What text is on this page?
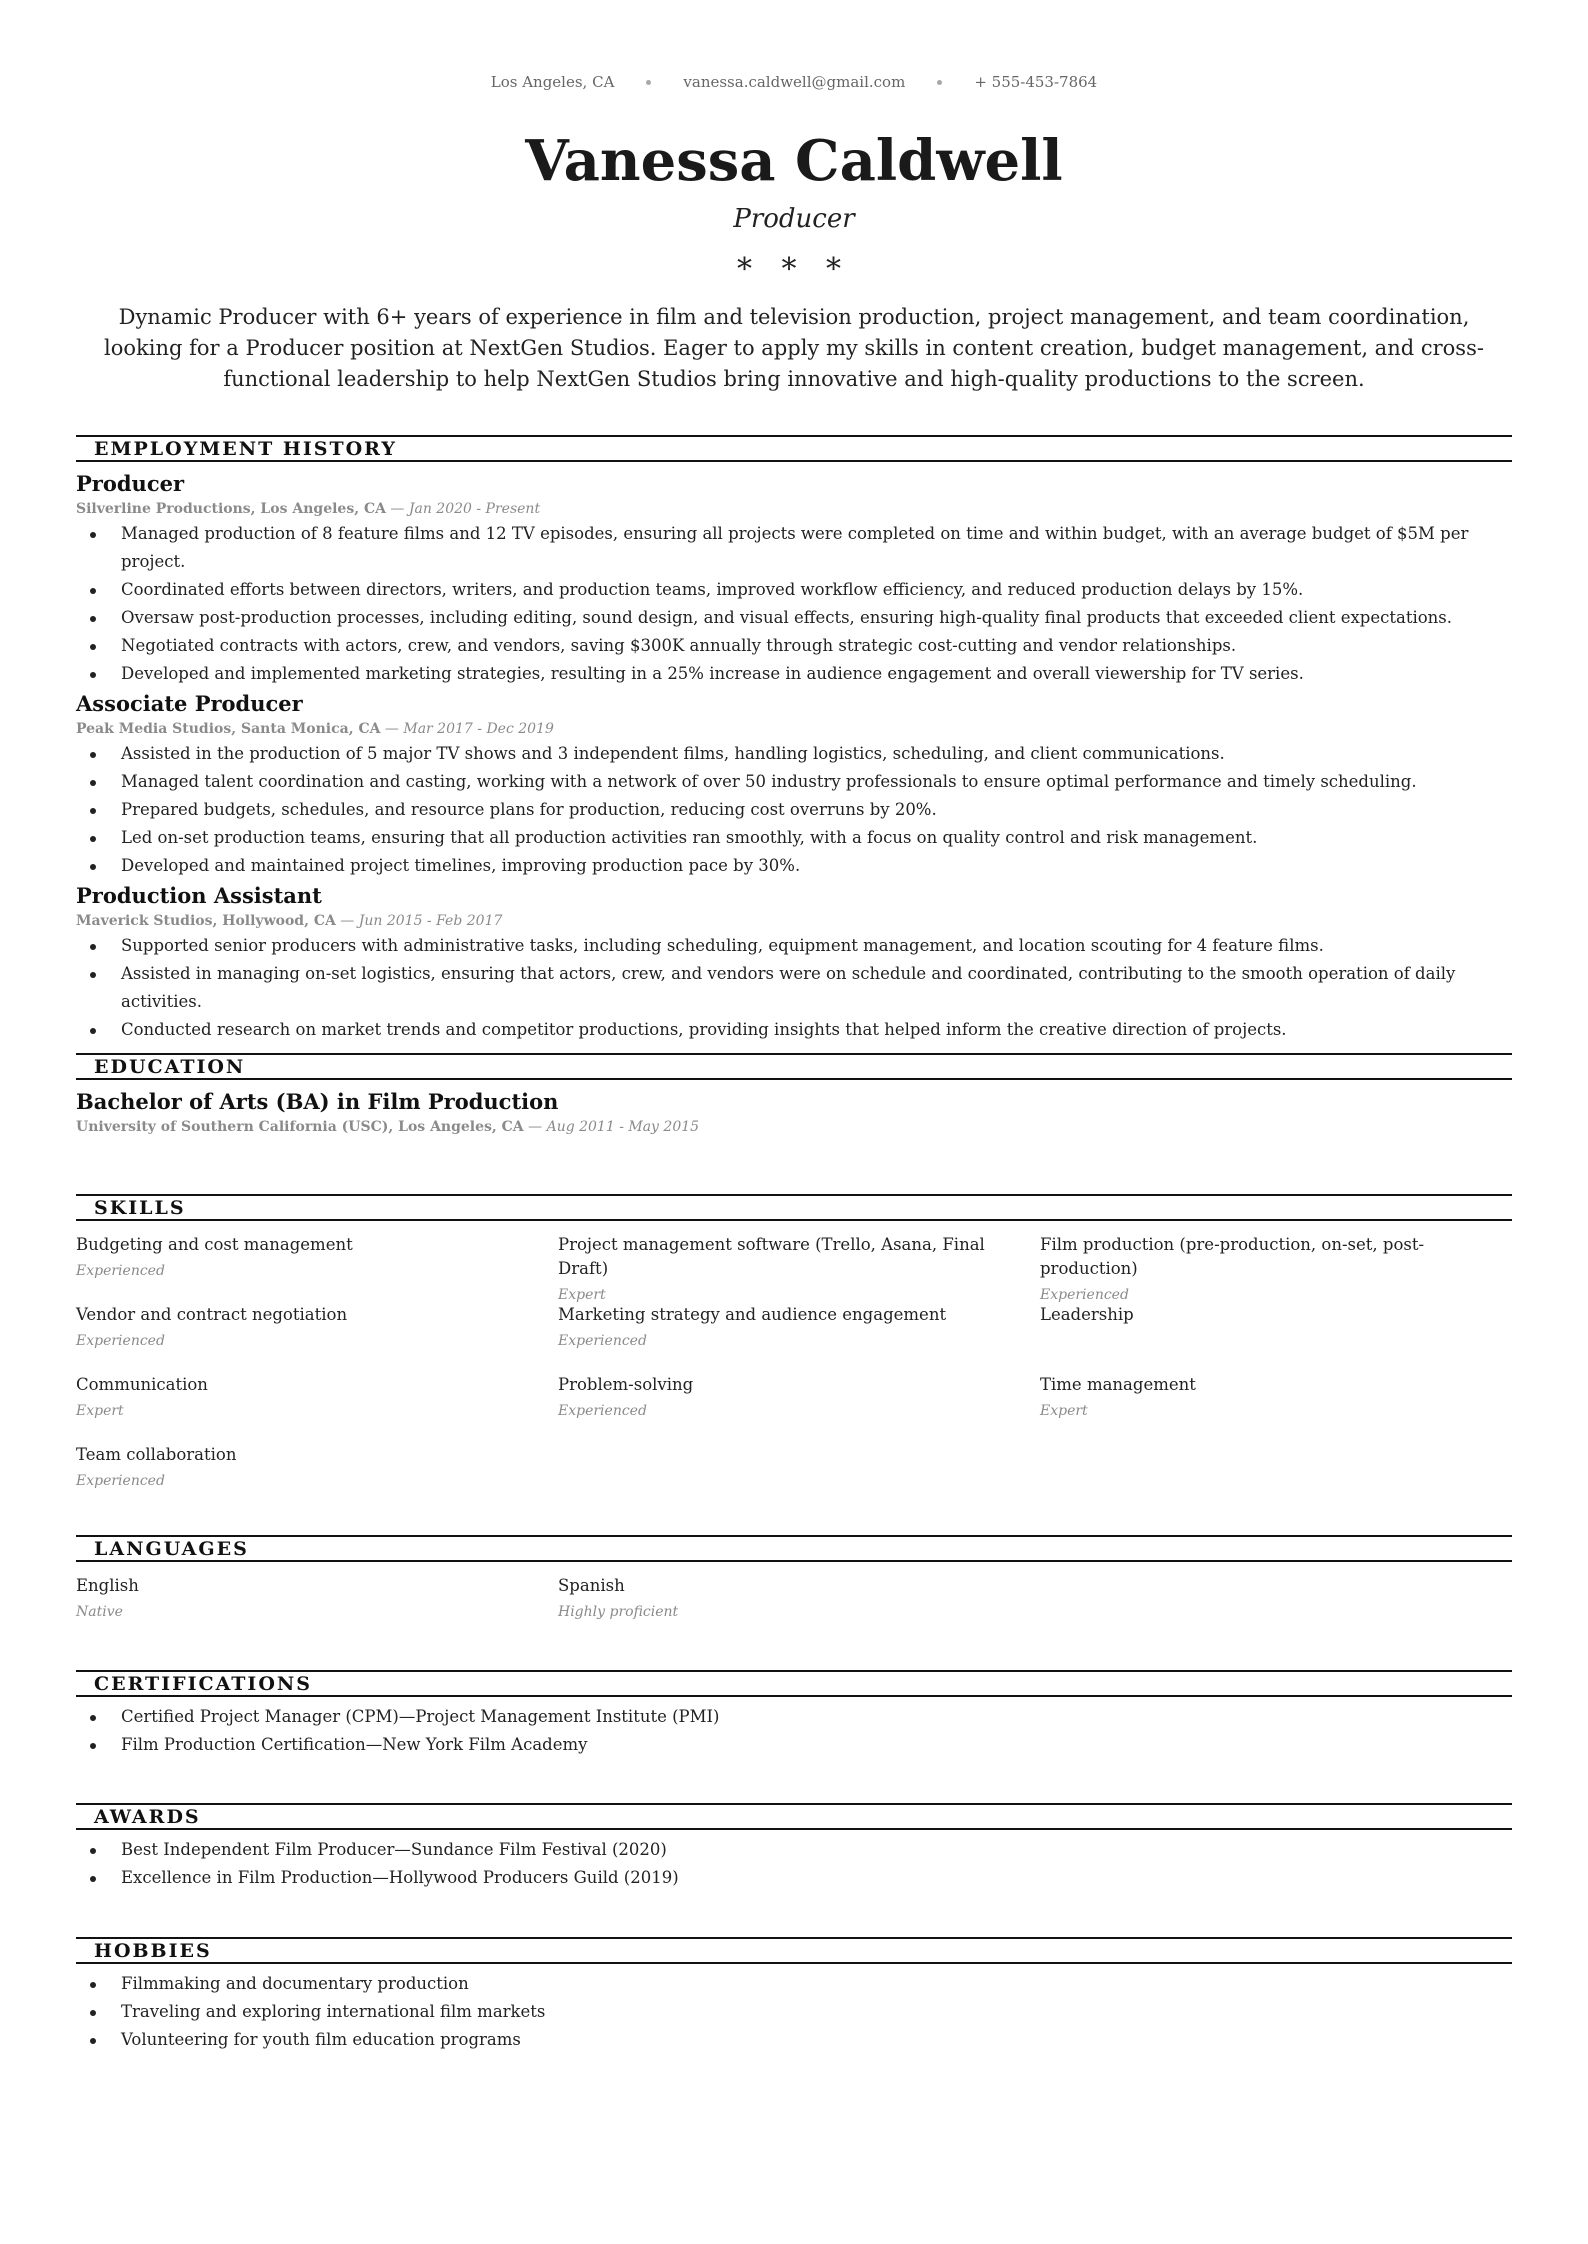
Los Angeles, CA	vanessa.caldwell@gmail.com	+ 555-453-7864
Vanessa Caldwell

Producer

* * *

Dynamic Producer with 6+ years of experience in film and television production, project management, and team coordination, looking for a Producer position at NextGen Studios. Eager to apply my skills in content creation, budget management, and cross-functional leadership to help NextGen Studios bring innovative and high-quality productions to the screen.

EMPLOYMENT HISTORY

Producer

Silverline Productions, Los Angeles, CA — Jan 2020 - Present
Managed production of 8 feature films and 12 TV episodes, ensuring all projects were completed on time and within budget, with an average budget of $5M per project.
Coordinated efforts between directors, writers, and production teams, improved workflow efficiency, and reduced production delays by 15%.
Oversaw post-production processes, including editing, sound design, and visual effects, ensuring high-quality final products that exceeded client expectations.
Negotiated contracts with actors, crew, and vendors, saving $300K annually through strategic cost-cutting and vendor relationships.
Developed and implemented marketing strategies, resulting in a 25% increase in audience engagement and overall viewership for TV series.

Associate Producer

Peak Media Studios, Santa Monica, CA — Mar 2017 - Dec 2019
Assisted in the production of 5 major TV shows and 3 independent films, handling logistics, scheduling, and client communications.
Managed talent coordination and casting, working with a network of over 50 industry professionals to ensure optimal performance and timely scheduling.
Prepared budgets, schedules, and resource plans for production, reducing cost overruns by 20%.
Led on-set production teams, ensuring that all production activities ran smoothly, with a focus on quality control and risk management.
Developed and maintained project timelines, improving production pace by 30%.

Production Assistant

Maverick Studios, Hollywood, CA — Jun 2015 - Feb 2017
Supported senior producers with administrative tasks, including scheduling, equipment management, and location scouting for 4 feature films.
Assisted in managing on-set logistics, ensuring that actors, crew, and vendors were on schedule and coordinated, contributing to the smooth operation of daily activities.
Conducted research on market trends and competitor productions, providing insights that helped inform the creative direction of projects.
EDUCATION

Bachelor of Arts (BA) in Film Production

University of Southern California (USC), Los Angeles, CA — Aug 2011 - May 2015
SKILLS
Budgeting and cost management
Experienced
Project management software (Trello, Asana, Final Draft)
Expert
Film production (pre-production, on-set, post-production)
Experienced
Vendor and contract negotiation
Experienced
Marketing strategy and audience engagement
Experienced
Leadership
Communication
Expert
Problem-solving
Experienced
Time management
Expert
Team collaboration
Experienced
LANGUAGES
English
Native
Spanish
Highly proficient
CERTIFICATIONS
Certified Project Manager (CPM)—Project Management Institute (PMI)
Film Production Certification—New York Film Academy
AWARDS
Best Independent Film Producer—Sundance Film Festival (2020)
Excellence in Film Production—Hollywood Producers Guild (2019)
HOBBIES
Filmmaking and documentary production
Traveling and exploring international film markets
Volunteering for youth film education programs
